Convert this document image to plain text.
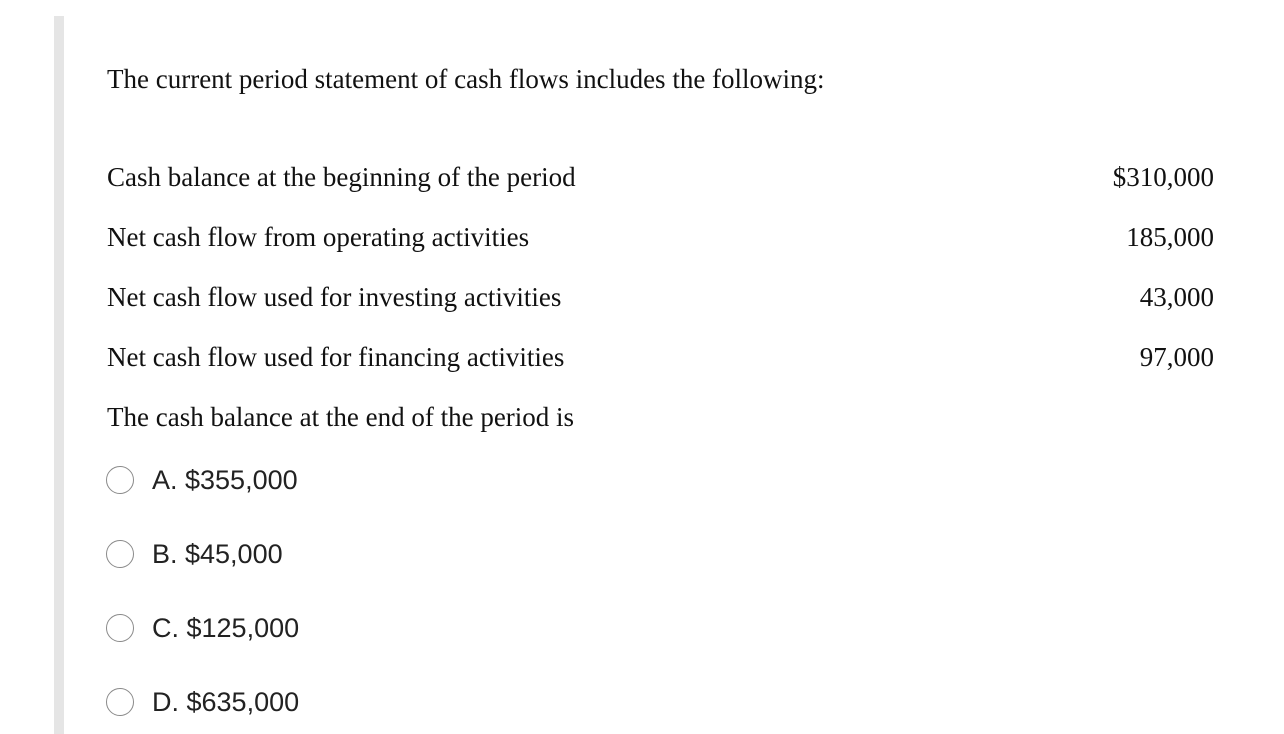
The current period statement of cash flows includes the following:
Cash balance at the beginning of the period	$310,000
Net cash flow from operating activities	185,000
Net cash flow used for investing activities	43,000
Net cash flow used for financing activities	97,000
The cash balance at the end of the period is
A. $355,000
B. $45,000
C. $125,000
D. $635,000
